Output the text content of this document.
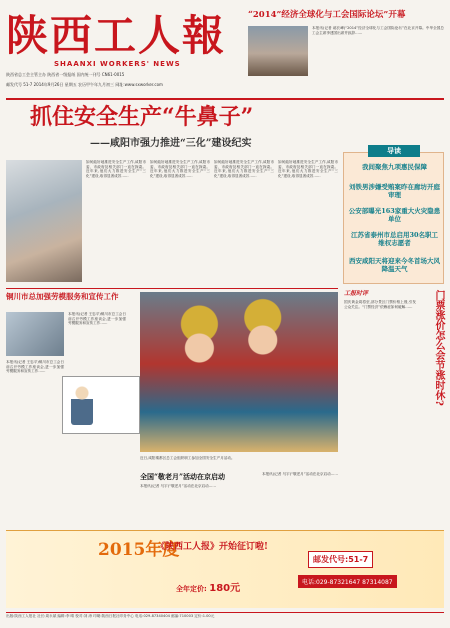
陕西工人報
SHAANXI WORKERS' NEWS
陕西省总工会主管主办 陕西省一级报纸 国内统一刊号 CN61-0015
邮发代号 51-7 2014年9月26日 星期五 农历甲午年九月初三 网址:www.sxworker.com
“2014”经济全球化与工会国际论坛”开幕
本报讯(记者 郝长峰)“2014”经济全球化与工会国际论坛”在北京开幕。中华全国总工会主席李建国出席并致辞……
抓住安全生产“牛鼻子”
——咸阳市强力推进“三化”建设纪实
如何能好地推进安全生产工作,咸阳市委、市政府及相关部门一直在探索。近年来,他们大力推进安全生产“三化”建设,取得显著成效……
如何能好地推进安全生产工作,咸阳市委、市政府及相关部门一直在探索。近年来,他们大力推进安全生产“三化”建设,取得显著成效……
如何能好地推进安全生产工作,咸阳市委、市政府及相关部门一直在探索。近年来,他们大力推进安全生产“三化”建设,取得显著成效……
如何能好地推进安全生产工作,咸阳市委、市政府及相关部门一直在探索。近年来,他们大力推进安全生产“三化”建设,取得显著成效……
导读
我间聚焦九项惠民保障
刘铁男涉嫌受贿案昨在廊坊开庭审理
公安部曝光163家重大火灾隐患单位
江苏省泰州市总启用30名职工维权志愿者
西安咸阳天将迎来今冬首场大风降温天气
铜川市总加强劳模服务和宣传工作
本报讯(记者 王忠平)铜川市总工会日前召开劳模工作座谈会,进一步加强劳模服务和宣传工作……
本报讯(记者 王忠平)铜川市总工会日前召开劳模工作座谈会,进一步加强劳模服务和宣传工作……
近日,咸阳秦都区总工会组织职工参加全国安全生产月活动。
全国“敬老月”活动在京启动
本报讯(记者 马宇)“敬老月”活动在北京启动……
本报讯(记者 马宇)“敬老月”活动在北京启动……
工报时评	门票涨价怎么会节涨时休?
国庆黄金周将至,部分景区门票价格上涨,引发公众关注。“门票经济”依赖症如何破解……
2015年度
《陕西工人报》开始征订啦!
全年定价: 180元
邮发代号:51-7
电话:029-87321647 87314087
出版:陕西工人报社 社长:周永斌 编辑:李 晴 校对:刘 涛 印刷:陕西日报社印务中心 电话:029-87340404 邮编:710003 定价:1.00元
